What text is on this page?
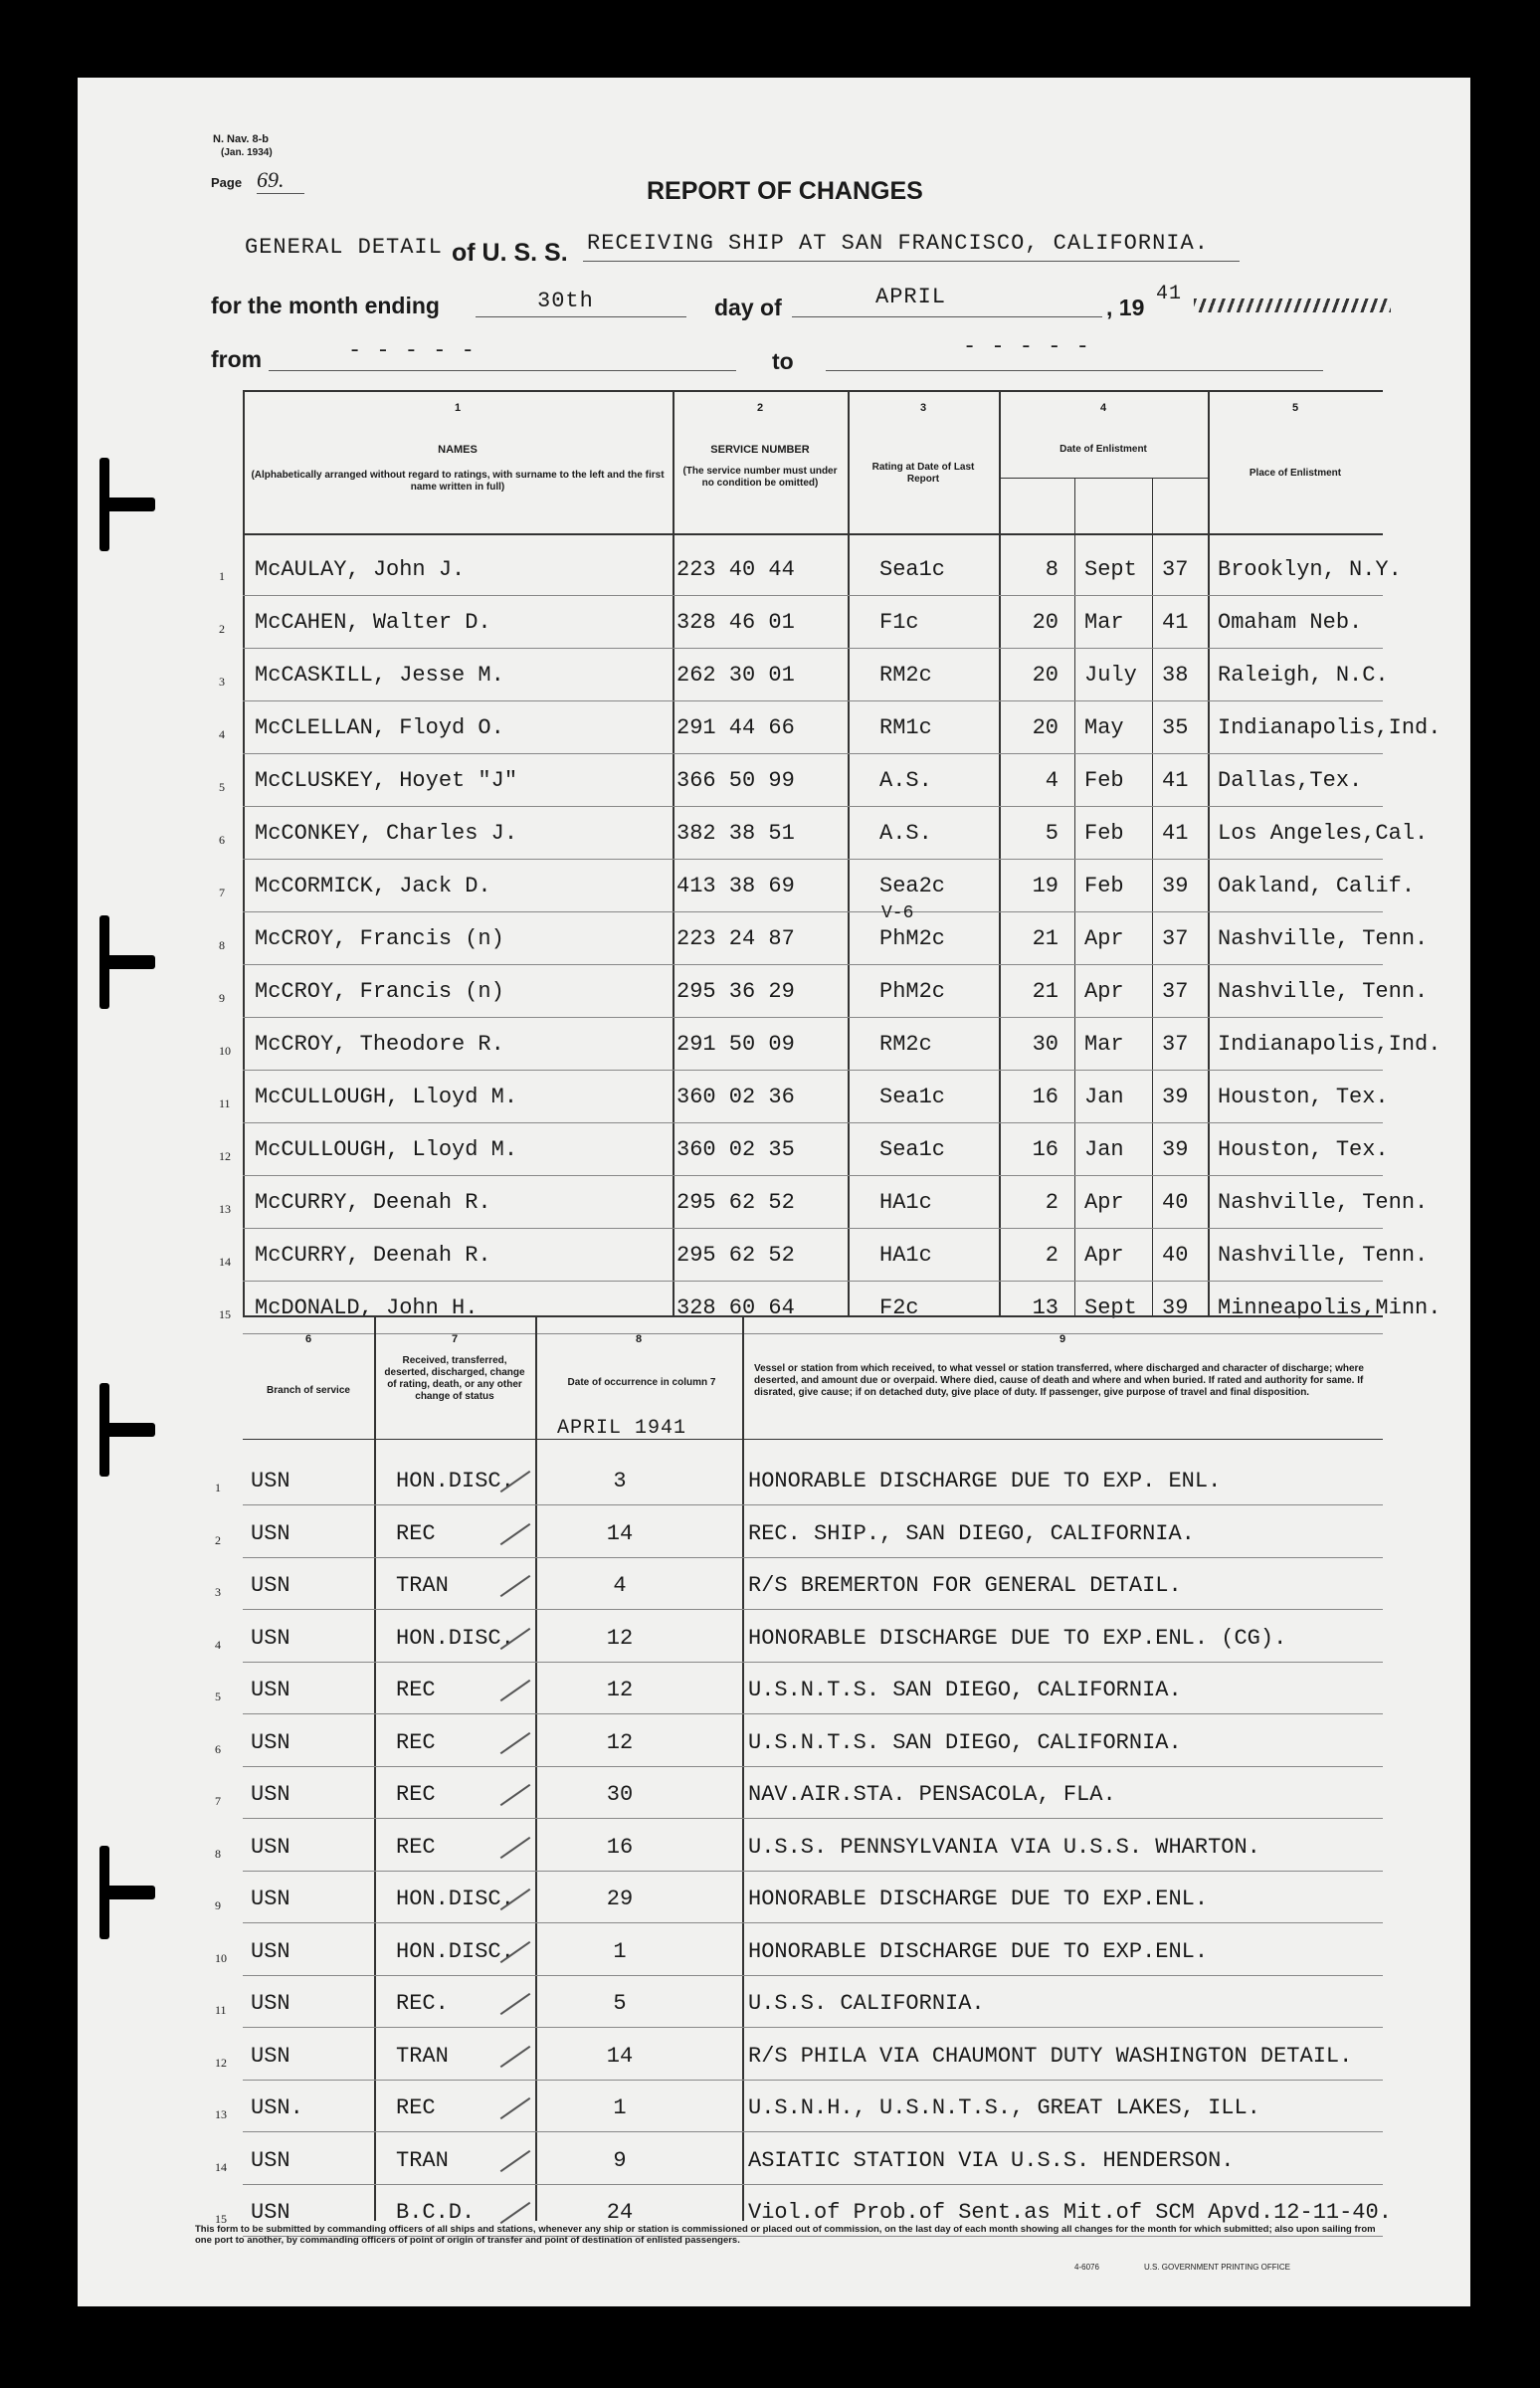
N. Nav. 8-b
(Jan. 1934)
Page 69.	REPORT OF CHANGES
GENERAL DETAIL of U. S. S. RECEIVING SHIP AT SAN FRANCISCO, CALIFORNIA.
for the month ending	30th	day of	APRIL	, 19
41
from	- - - - -	to
- - - - -
1
NAMES
(Alphabetically arranged without regard to ratings, with surname to the left and the first name written in full)
2
SERVICE NUMBER
(The service number must under no condition be omitted)
3
Rating at Date of Last Report
4
Date of Enlistment
5
Place of Enlistment
1 McAULAY, John J.	223 40 44	Sea1c	8 Sept 37 Brooklyn, N.Y.
2 McCAHEN, Walter D.	328 46 01	F1c	20 Mar 41 Omaham Neb.
3 McCASKILL, Jesse M.	262 30 01	RM2c	20 July 38 Raleigh, N.C.
4 McCLELLAN, Floyd O.	291 44 66	RM1c	20 May 35 Indianapolis,Ind.
5 McCLUSKEY, Hoyet "J"	366 50 99	A.S.	4 Feb 41 Dallas,Tex.
6 McCONKEY, Charles J.	382 38 51	A.S.	5 Feb 41 Los Angeles,Cal.
7 McCORMICK, Jack D.	413 38 69	Sea2c	19 Feb 39 Oakland, Calif.
8 McCROY, Francis (n)	223 24 87	PhM2c	21 Apr 37 Nashville, Tenn.
9 McCROY, Francis (n)	295 36 29	PhM2c	21 Apr 37 Nashville, Tenn.
10 McCROY, Theodore R.	291 50 09	RM2c	30 Mar 37 Indianapolis,Ind.
11 McCULLOUGH, Lloyd M.	360 02 36	Sea1c	16 Jan 39 Houston, Tex.
12 McCULLOUGH, Lloyd M.	360 02 35	Sea1c	16 Jan 39 Houston, Tex.
13 McCURRY, Deenah R.	295 62 52	HA1c	2 Apr 40 Nashville, Tenn.
14 McCURRY, Deenah R.	295 62 52	HA1c	2 Apr 40 Nashville, Tenn.
15 McDONALD, John H.	328 60 64	F2c	13 Sept 39 Minneapolis,Minn.
V-6
6
Branch of service
7
Received, transferred, deserted, discharged, change of rating, death, or any other change of status
8
Date of occurrence in column 7
APRIL 1941
9
Vessel or station from which received, to what vessel or station transferred, where discharged and character of discharge; where deserted, and amount due or overpaid. Where died, cause of death and where and when buried. If rated and authority for same. If disrated, give cause; if on detached duty, give place of duty. If passenger, give purpose of travel and final disposition.
1 USN	HON.DISC.	3	HONORABLE DISCHARGE DUE TO EXP. ENL.
2 USN	REC	14	REC. SHIP., SAN DIEGO, CALIFORNIA.
3 USN	TRAN	4	R/S BREMERTON FOR GENERAL DETAIL.
4 USN	HON.DISC.	12	HONORABLE DISCHARGE DUE TO EXP.ENL. (CG).
5 USN	REC	12	U.S.N.T.S. SAN DIEGO, CALIFORNIA.
6 USN	REC	12	U.S.N.T.S. SAN DIEGO, CALIFORNIA.
7 USN	REC	30	NAV.AIR.STA. PENSACOLA, FLA.
8 USN	REC	16	U.S.S. PENNSYLVANIA VIA U.S.S. WHARTON.
9 USN	HON.DISC.	29	HONORABLE DISCHARGE DUE TO EXP.ENL.
10 USN	HON.DISC.	1	HONORABLE DISCHARGE DUE TO EXP.ENL.
11 USN	REC.	5	U.S.S. CALIFORNIA.
12 USN	TRAN	14	R/S PHILA VIA CHAUMONT DUTY WASHINGTON DETAIL.
13 USN.	REC	1	U.S.N.H., U.S.N.T.S., GREAT LAKES, ILL.
14 USN	TRAN	9	ASIATIC STATION VIA U.S.S. HENDERSON.
15 USN	B.C.D.	24	Viol.of Prob.of Sent.as Mit.of SCM Apvd.12-11-40.
This form to be submitted by commanding officers of all ships and stations, whenever any ship or station is commissioned or placed out of commission, on the last day of each month showing all changes for the month for which submitted; also upon sailing from one port to another, by commanding officers of point of origin of transfer and point of destination of enlisted passengers.
4-6076	U.S. GOVERNMENT PRINTING OFFICE
